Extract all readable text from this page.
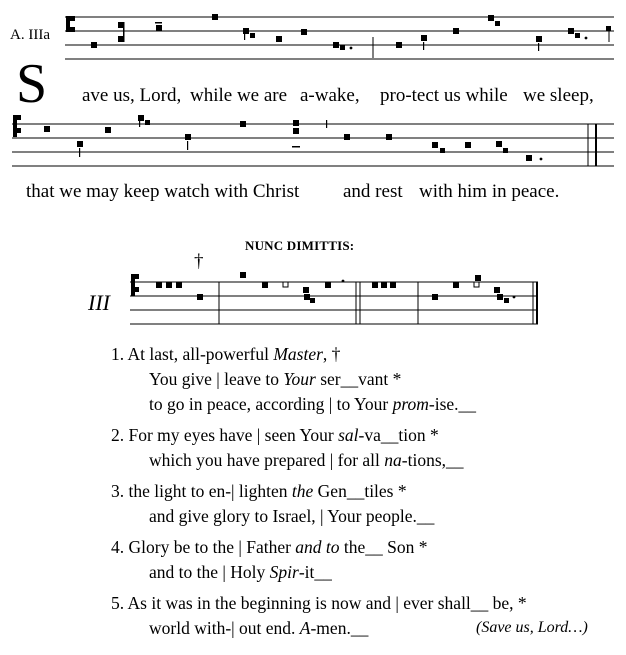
A. IIIa
S ave us, Lord, while we are a-wake, pro-tect us while we sleep,
that we may keep watch with Christ and rest with him in peace.
NUNC DIMITTIS:
III
†
1. At last, all-powerful Master, †
You give | leave to Your ser__vant *
to go in peace, according | to Your prom-ise.__
2. For my eyes have | seen Your sal-va__tion *
which you have prepared | for all na-tions,__
3. the light to en-| lighten the Gen__tiles *
and give glory to Israel, | Your people.__
4. Glory be to the | Father and to the__ Son *
and to the | Holy Spir-it__
5. As it was in the beginning is now and | ever shall__ be, *
world with-| out end. A-men.__	(Save us, Lord…)
